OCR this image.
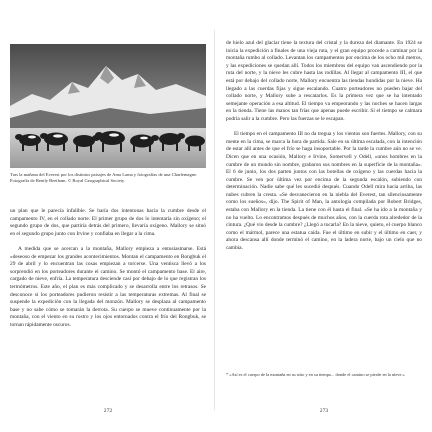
Tras la mañana del Everest por los distintos paisajes de Ama Lama y fotografías de una Charlemagne. Fotografía de Bently Beetham. © Royal Geographical Society.

un plan que le parecía infalible. Se haría dos intentonas hacia la cumbre desde el campamento IV, en el collado norte. El primer grupo de dos lo intentaría sin oxígeno; el segundo grupo de dos, que partiría detrás del primero, llevaría oxígeno. Mallory se situó en el segundo grupo junto con Irvine y confiaba en llegar a la cima.

A medida que se acercan a la montaña, Mallory empieza a entusiasmarse. Está «deseoso de empezar los grandes acontecimientos. Montan el campamento en Rongbuk el 29 de abril y lo encuentran las cosas empiezan a torcerse. Una ventisca llevó a los sorprendió en los porteadores durante el camino. Se montó el campamento base. El aire, cargado de nieve, enfría. La temperatura desciende casi por debajo de lo que registran los termómetros. Este año, el plan es más complicado y se desarrolla entre los retrasos. Se desconoce si los porteadores pudieron resistir a las temperaturas extremas. Al final se suspende la expedición con la llegada del monzón. Mallory se desplaza al campamento base y no sabe cómo se tomarán la derrota. Su cuerpo se mueve continuamente por la montaña, con el viento en su rostro y los ojos entornados contra el frío del Rongbuk, se tornan rápidamente oscuros.

272

de hielo azul del glaciar tiene la textura del cristal y la dureza del diamante. En 1924 se inicia la expedición a finales de una vieja ruta, y el gran equipo procede a caminar por la montaña rumbo al collado. Levantan los campamentos por encima de los ocho mil metros, y las expediciones se quedan allí. Todos los miembros del equipo van ascendiendo por la ruta del norte, y la nieve les cubre hasta las rodillas. Al llegar al campamento III, el que está por debajo del collado norte, Mallory encuentra las tiendas hundidas por la nieve. Ha llegado a las cuerdas fijas y sigue escalando. Cuatro porteadores no pueden bajar del collado norte, y Mallory sube a rescatarlos. Es la primera vez que se ha intentado semejante operación a esa altitud. El tiempo va empeorando y las noches se hacen largas en la tienda. Tiene las manos tan frías que apenas puede escribir. Si el tiempo se calmara podría salir a la cumbre. Pero las fuerzas se le escapan.

El tiempo en el campamento III no da tregua y los vientos son fuertes. Mallory, con su mente en la cima, se marca la hora de partida. Sale en su última escalada, con la intención de estar allí antes de que el frío se haga insoportable. Por la tarde la cumbre aún no se ve. Dicen que en una ocasión, Mallory e Irvine, Somervell y Odell, «unos hombres en la cumbre de un mundo sin nombre, grabaron sus nombres en la superficie de la montaña». El 6 de junio, los dos parten juntos con las botellas de oxígeno y las cuerdas hacia la cumbre. Se ven por última vez por encima de la segunda escalón, subiendo con determinación. Nadie sabe qué les sucedió después. Cuando Odell mira hacia arriba, las nubes cubren la cresta. «Se desvanecieron en la niebla del Everest, tan silenciosamente como los sueños», dijo. The Spirit of Man, la antología compilada por Robert Bridges, estaba con Mallory en la tienda. La tiene con él hasta el final. «Se ha ido a la montaña y no ha vuelto. Lo encontramos después de muchos años, con la cuerda rota alrededor de la cintura. ¿Qué vio desde la cumbre? ¿Llegó a tocarla? En la nieve, quieto, el cuerpo blanco como el mármol, parece una estatua caída. Fue el último en subir y el último en caer, y ahora descansa allí donde terminó el camino, en la ladera norte, bajo un cielo que no cambia.

* «Así es el cuerpo de la montaña en su sitio y en su tiempo... donde el camino se pierde en la nieve.»
273
